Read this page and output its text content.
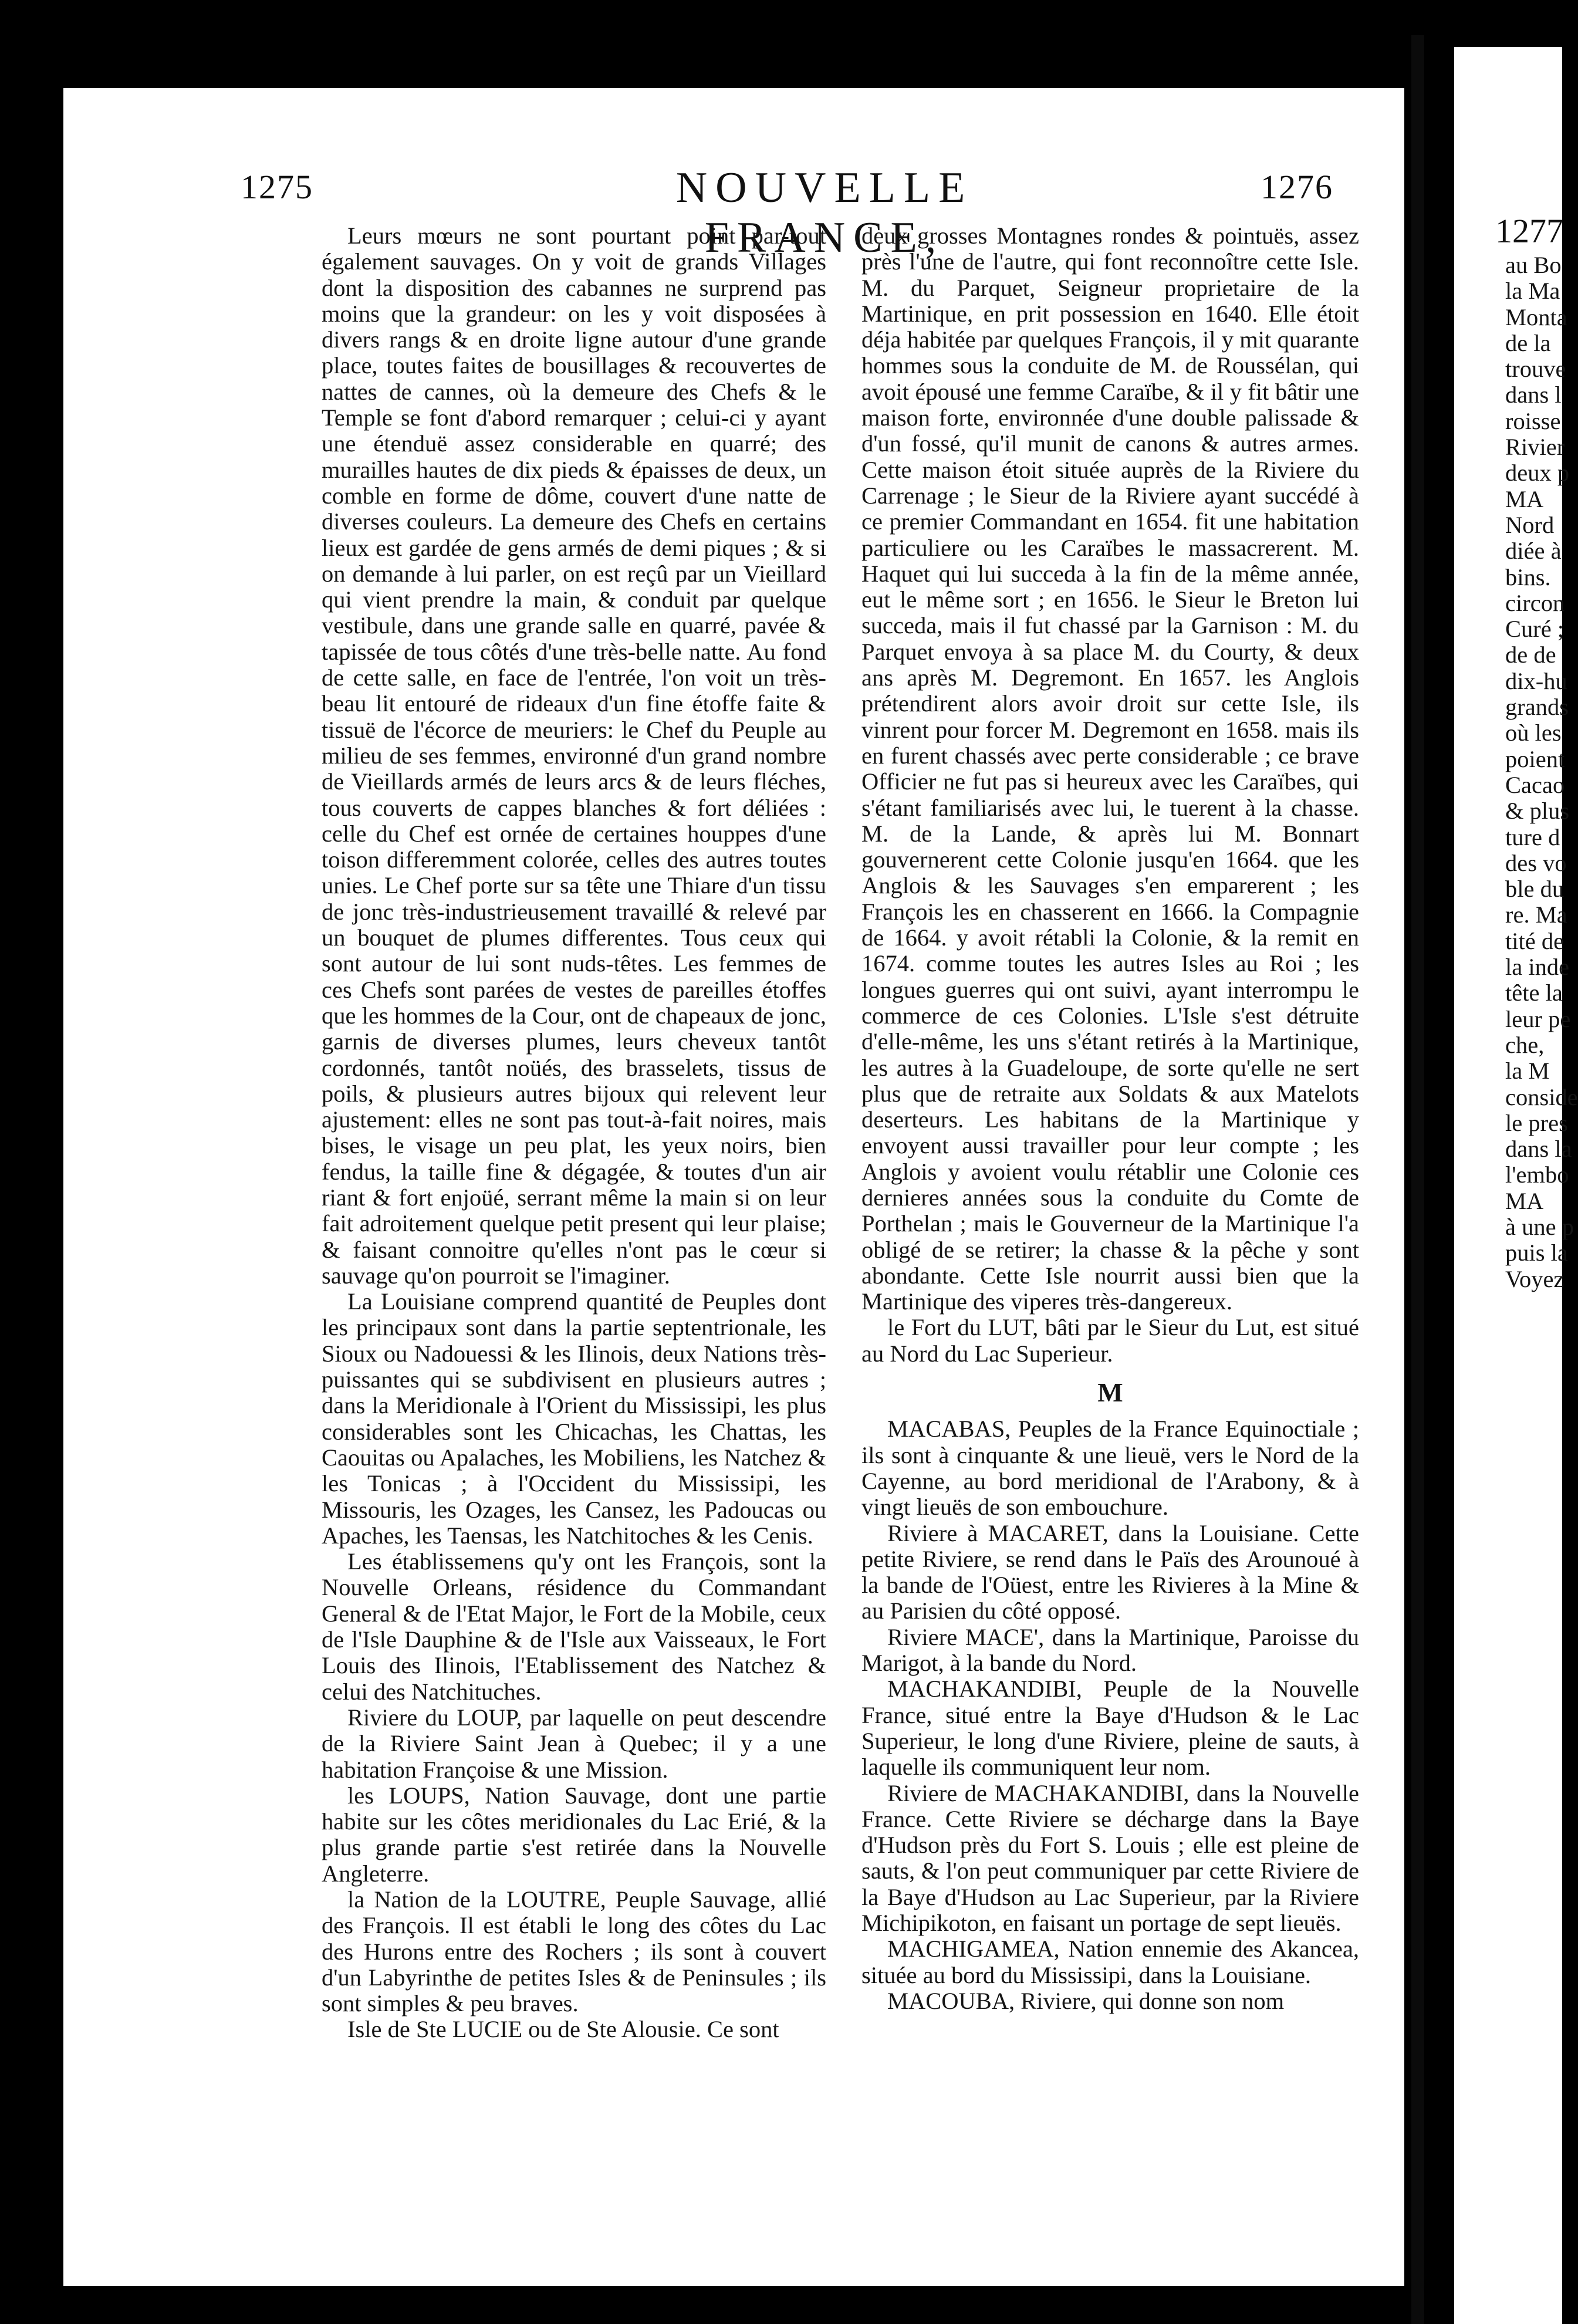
1275	NOUVELLE FRANCE,
1276

Leurs mœurs ne sont pourtant point par-tout également sauvages. On y voit de grands Villages dont la disposition des cabannes ne surprend pas moins que la grandeur: on les y voit disposées à divers rangs & en droite ligne autour d'une grande place, toutes faites de bousillages & recouvertes de nattes de cannes, où la demeure des Chefs & le Temple se font d'abord remarquer ; celui-ci y ayant une étenduë assez considerable en quarré; des murailles hautes de dix pieds & épaisses de deux, un comble en forme de dôme, couvert d'une natte de diverses couleurs. La demeure des Chefs en certains lieux est gardée de gens armés de demi piques ; & si on demande à lui parler, on est reçû par un Vieillard qui vient prendre la main, & conduit par quelque vestibule, dans une grande salle en quarré, pavée & tapissée de tous côtés d'une très-belle natte. Au fond de cette salle, en face de l'entrée, l'on voit un très-beau lit entouré de rideaux d'un fine étoffe faite & tissuë de l'écorce de meuriers: le Chef du Peuple au milieu de ses femmes, environné d'un grand nombre de Vieillards armés de leurs arcs & de leurs fléches, tous couverts de cappes blanches & fort déliées : celle du Chef est ornée de certaines houppes d'une toison differemment colorée, celles des autres toutes unies. Le Chef porte sur sa tête une Thiare d'un tissu de jonc très-industrieusement travaillé & relevé par un bouquet de plumes differentes. Tous ceux qui sont autour de lui sont nuds-têtes. Les femmes de ces Chefs sont parées de vestes de pareilles étoffes que les hommes de la Cour, ont de chapeaux de jonc, garnis de diverses plumes, leurs cheveux tantôt cordonnés, tantôt noüés, des brasselets, tissus de poils, & plusieurs autres bijoux qui relevent leur ajustement: elles ne sont pas tout-à-fait noires, mais bises, le visage un peu plat, les yeux noirs, bien fendus, la taille fine & dégagée, & toutes d'un air riant & fort enjoüé, serrant même la main si on leur fait adroitement quelque petit present qui leur plaise; & faisant connoitre qu'elles n'ont pas le cœur si sauvage qu'on pourroit se l'imaginer.

La Louisiane comprend quantité de Peuples dont les principaux sont dans la partie septentrionale, les Sioux ou Nadouessi & les Ilinois, deux Nations très-puissantes qui se subdivisent en plusieurs autres ; dans la Meridionale à l'Orient du Mississipi, les plus considerables sont les Chicachas, les Chattas, les Caouitas ou Apalaches, les Mobiliens, les Natchez & les Tonicas ; à l'Occident du Mississipi, les Missouris, les Ozages, les Cansez, les Padoucas ou Apaches, les Taensas, les Natchitoches & les Cenis.

Les établissemens qu'y ont les François, sont la Nouvelle Orleans, résidence du Commandant General & de l'Etat Major, le Fort de la Mobile, ceux de l'Isle Dauphine & de l'Isle aux Vaisseaux, le Fort Louis des Ilinois, l'Etablissement des Natchez & celui des Natchituches.

Riviere du LOUP, par laquelle on peut descendre de la Riviere Saint Jean à Quebec; il y a une habitation Françoise & une Mission.

les LOUPS, Nation Sauvage, dont une partie habite sur les côtes meridionales du Lac Erié, & la plus grande partie s'est retirée dans la Nouvelle Angleterre.

la Nation de la LOUTRE, Peuple Sauvage, allié des François. Il est établi le long des côtes du Lac des Hurons entre des Rochers ; ils sont à couvert d'un Labyrinthe de petites Isles & de Peninsules ; ils sont simples & peu braves.

Isle de Ste LUCIE ou de Ste Alousie. Ce sont

deux grosses Montagnes rondes & pointuës, assez près l'une de l'autre, qui font reconnoître cette Isle. M. du Parquet, Seigneur proprietaire de la Martinique, en prit possession en 1640. Elle étoit déja habitée par quelques François, il y mit quarante hommes sous la conduite de M. de Roussélan, qui avoit épousé une femme Caraïbe, & il y fit bâtir une maison forte, environnée d'une double palissade & d'un fossé, qu'il munit de canons & autres armes. Cette maison étoit située auprès de la Riviere du Carrenage ; le Sieur de la Riviere ayant succédé à ce premier Commandant en 1654. fit une habitation particuliere ou les Caraïbes le massacrerent. M. Haquet qui lui succeda à la fin de la même année, eut le même sort ; en 1656. le Sieur le Breton lui succeda, mais il fut chassé par la Garnison : M. du Parquet envoya à sa place M. du Courty, & deux ans après M. Degremont. En 1657. les Anglois prétendirent alors avoir droit sur cette Isle, ils vinrent pour forcer M. Degremont en 1658. mais ils en furent chassés avec perte considerable ; ce brave Officier ne fut pas si heureux avec les Caraïbes, qui s'étant familiarisés avec lui, le tuerent à la chasse. M. de la Lande, & après lui M. Bonnart gouvernerent cette Colonie jusqu'en 1664. que les Anglois & les Sauvages s'en emparerent ; les François les en chasserent en 1666. la Compagnie de 1664. y avoit rétabli la Colonie, & la remit en 1674. comme toutes les autres Isles au Roi ; les longues guerres qui ont suivi, ayant interrompu le commerce de ces Colonies. L'Isle s'est détruite d'elle-même, les uns s'étant retirés à la Martinique, les autres à la Guadeloupe, de sorte qu'elle ne sert plus que de retraite aux Soldats & aux Matelots deserteurs. Les habitans de la Martinique y envoyent aussi travailler pour leur compte ; les Anglois y avoient voulu rétablir une Colonie ces dernieres années sous la conduite du Comte de Porthelan ; mais le Gouverneur de la Martinique l'a obligé de se retirer; la chasse & la pêche y sont abondante. Cette Isle nourrit aussi bien que la Martinique des viperes très-dangereux.

le Fort du LUT, bâti par le Sieur du Lut, est situé au Nord du Lac Superieur.

M

MACABAS, Peuples de la France Equinoctiale ; ils sont à cinquante & une lieuë, vers le Nord de la Cayenne, au bord meridional de l'Arabony, & à vingt lieuës de son embouchure.

Riviere à MACARET, dans la Louisiane. Cette petite Riviere, se rend dans le Païs des Arounoué à la bande de l'Oüest, entre les Rivieres à la Mine & au Parisien du côté opposé.

Riviere MACE', dans la Martinique, Paroisse du Marigot, à la bande du Nord.

MACHAKANDIBI, Peuple de la Nouvelle France, situé entre la Baye d'Hudson & le Lac Superieur, le long d'une Riviere, pleine de sauts, à laquelle ils communiquent leur nom.

Riviere de MACHAKANDIBI, dans la Nouvelle France. Cette Riviere se décharge dans la Baye d'Hudson près du Fort S. Louis ; elle est pleine de sauts, & l'on peut communiquer par cette Riviere de la Baye d'Hudson au Lac Superieur, par la Riviere Michipikoton, en faisant un portage de sept lieuës.

MACHIGAMEA, Nation ennemie des Akancea, située au bord du Mississipi, dans la Louisiane.

MACOUBA, Riviere, qui donne son nom

1277
au Bo
la Ma
Monta
de la
trouve
dans l
roisse
Rivier
deux p
MA
Nord
diée à
bins.
circon
Curé ;
de de
dix-hu
grands
où les
poient
Cacao
& plus
ture d
des vo
ble du
re. Ma
tité de
la inde
tête la
leur pe
che,
la M
conside
le pres
dans la
l'embo
MA
à une p
puis la
Voyez
